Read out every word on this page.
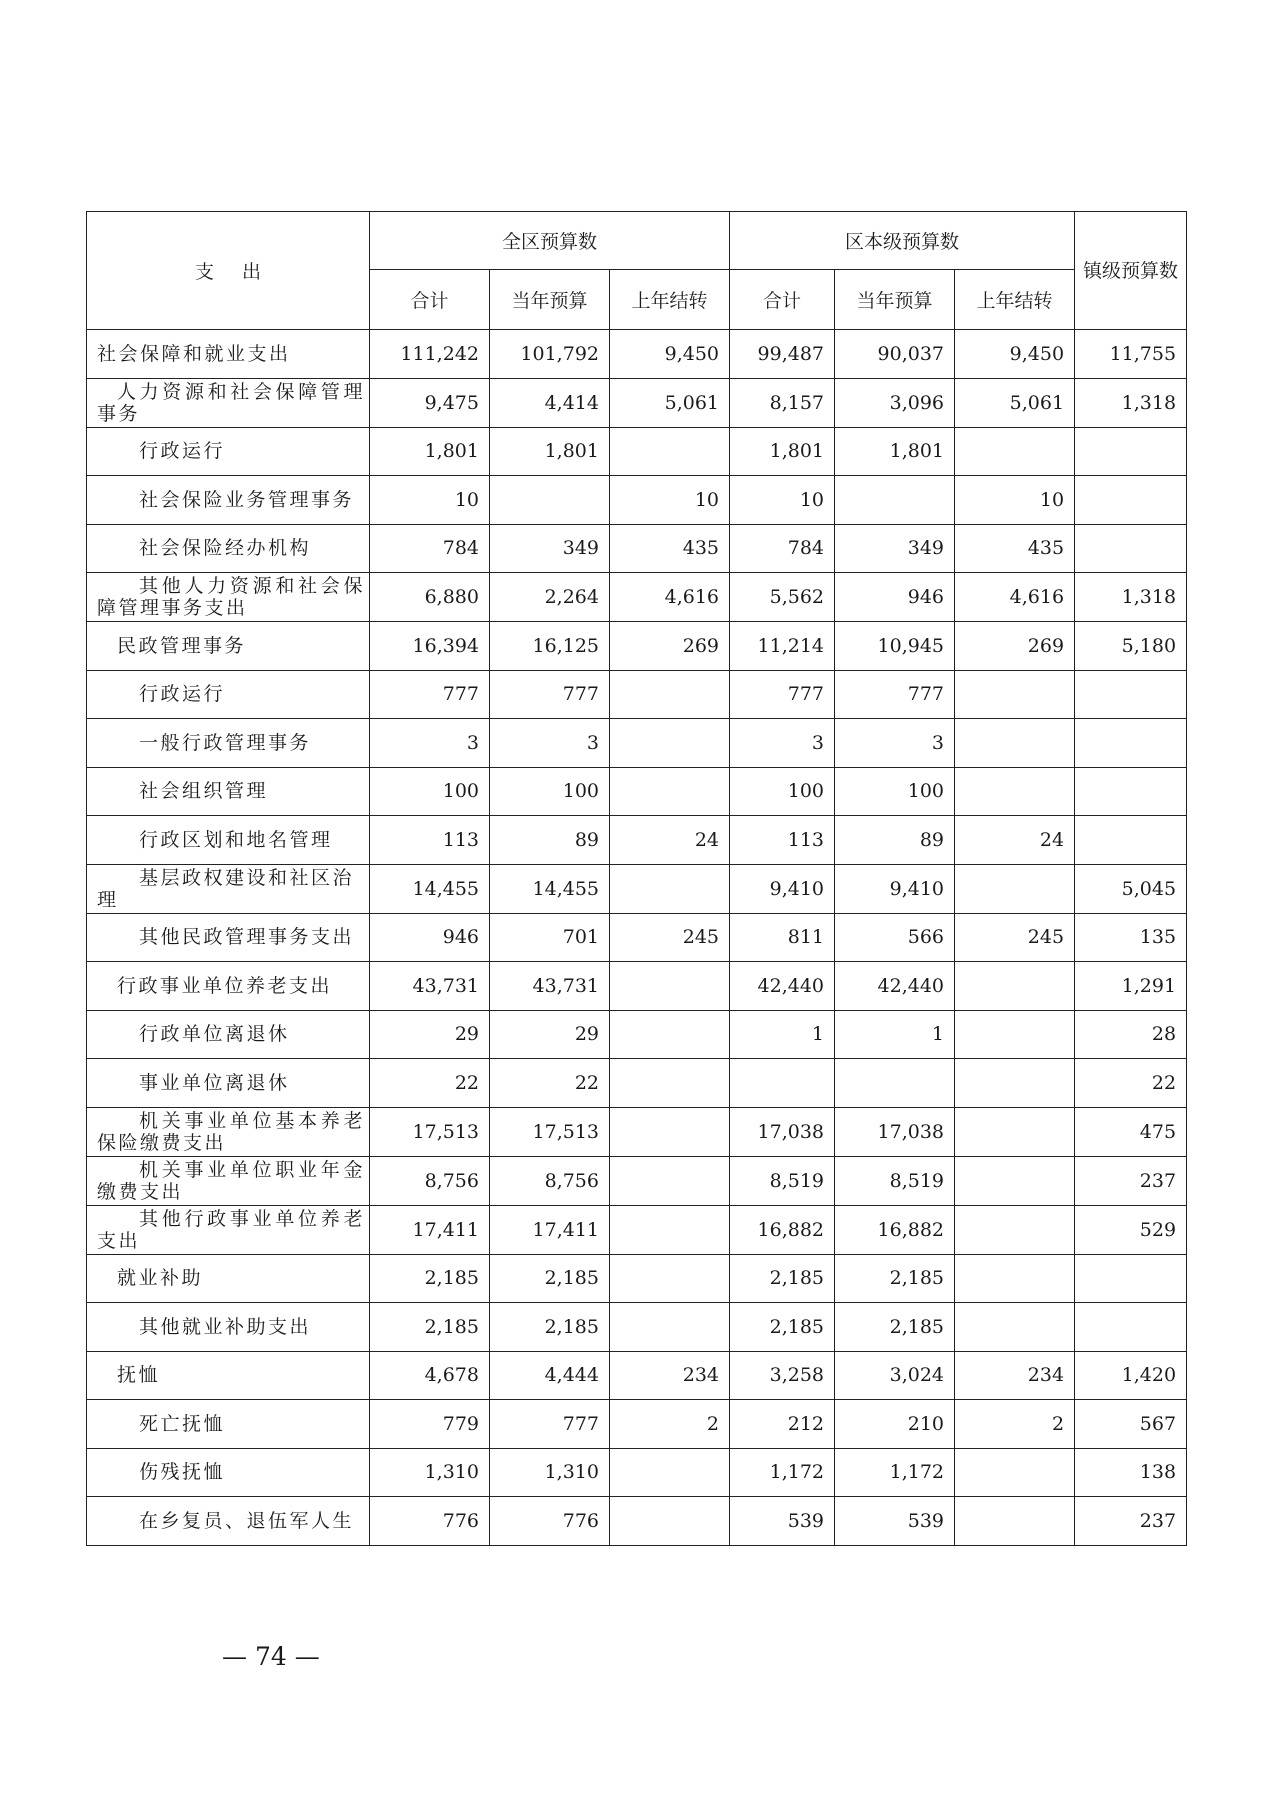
支出	全区预算数			区本级预算数			镇级预算数
	合计	当年预算	上年结转	合计	当年预算	上年结转	
社会保障和就业支出	111,242	101,792	9,450	99,487	90,037	9,450	11,755
人力资源和社会保障管理事务	9,475	4,414	5,061	8,157	3,096	5,061	1,318
行政运行	1,801	1,801		1,801	1,801		
社会保险业务管理事务	10		10	10		10	
社会保险经办机构	784	349	435	784	349	435	
其他人力资源和社会保障管理事务支出	6,880	2,264	4,616	5,562	946	4,616	1,318
民政管理事务	16,394	16,125	269	11,214	10,945	269	5,180
行政运行	777	777		777	777		
一般行政管理事务	3	3		3	3		
社会组织管理	100	100		100	100		
行政区划和地名管理	113	89	24	113	89	24	
基层政权建设和社区治理	14,455	14,455		9,410	9,410		5,045
其他民政管理事务支出	946	701	245	811	566	245	135
行政事业单位养老支出	43,731	43,731		42,440	42,440		1,291
行政单位离退休	29	29		1	1		28
事业单位离退休	22	22					22
机关事业单位基本养老保险缴费支出	17,513	17,513		17,038	17,038		475
机关事业单位职业年金缴费支出	8,756	8,756		8,519	8,519		237
其他行政事业单位养老支出	17,411	17,411		16,882	16,882		529
就业补助	2,185	2,185		2,185	2,185		
其他就业补助支出	2,185	2,185		2,185	2,185		
抚恤	4,678	4,444	234	3,258	3,024	234	1,420
死亡抚恤	779	777	2	212	210	2	567
伤残抚恤	1,310	1,310		1,172	1,172		138
在乡复员、退伍军人生	776	776		539	539		237
— 74 —
